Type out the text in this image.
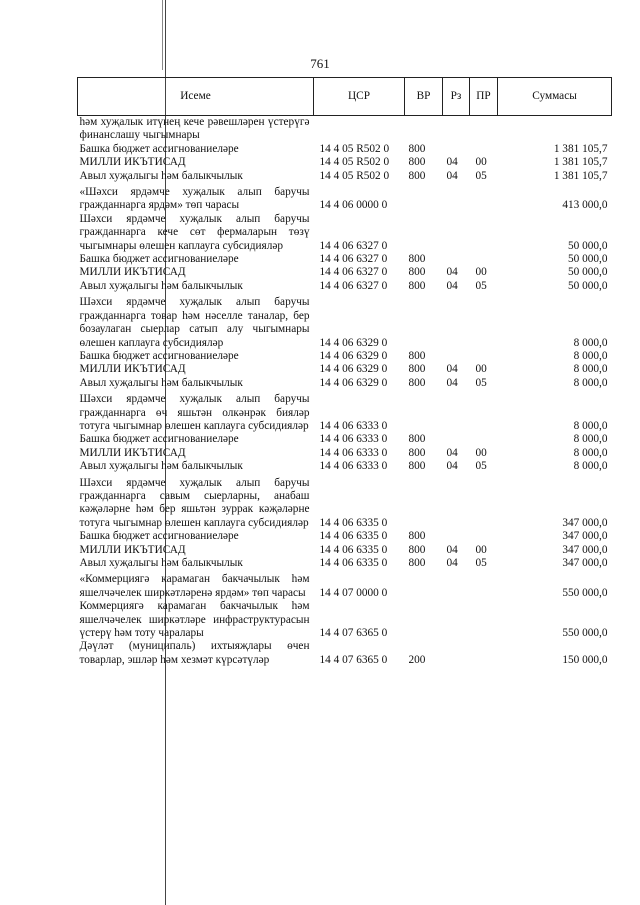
761
Исеме	ЦСР	ВР	Рз	ПР	Суммасы
һәм хуҗалык итүнең кече рәвешләрен үстерүгә финанслашу чыгымнары					
Башка бюджет ассигнованиеләре	14 4 05 R502 0	800			1 381 105,7
МИЛЛИ ИКЪТИСАД	14 4 05 R502 0	800	04	00	1 381 105,7
Авыл хуҗалыгы һәм балыкчылык	14 4 05 R502 0	800	04	05	1 381 105,7
«Шәхси ярдәмче хуҗалык алып баручы гражданнарга ярдәм» төп чарасы	14 4 06 0000 0				413 000,0
Шәхси ярдәмче хуҗалык алып баручы гражданнарга кече сөт фермаларын төзү чыгымнары өлешен каплауга субсидияләр	14 4 06 6327 0				50 000,0
Башка бюджет ассигнованиеләре	14 4 06 6327 0	800			50 000,0
МИЛЛИ ИКЪТИСАД	14 4 06 6327 0	800	04	00	50 000,0
Авыл хуҗалыгы һәм балыкчылык	14 4 06 6327 0	800	04	05	50 000,0
Шәхси ярдәмче хуҗалык алып баручы гражданнарга товар һәм нәселле таналар, бер бозаулаган сыерлар сатып алу чыгымнары өлешен каплауга субсидияләр	14 4 06 6329 0				8 000,0
Башка бюджет ассигнованиеләре	14 4 06 6329 0	800			8 000,0
МИЛЛИ ИКЪТИСАД	14 4 06 6329 0	800	04	00	8 000,0
Авыл хуҗалыгы һәм балыкчылык	14 4 06 6329 0	800	04	05	8 000,0
Шәхси ярдәмче хуҗалык алып баручы гражданнарга өч яшьтән олкәнрәк бияләр тотуга чыгымнар өлешен каплауга субсидияләр	14 4 06 6333 0				8 000,0
Башка бюджет ассигнованиеләре	14 4 06 6333 0	800			8 000,0
МИЛЛИ ИКЪТИСАД	14 4 06 6333 0	800	04	00	8 000,0
Авыл хуҗалыгы һәм балыкчылык	14 4 06 6333 0	800	04	05	8 000,0
Шәхси ярдәмче хуҗалык алып баручы гражданнарга савым сыерларны, анабаш кәҗәләрне һәм бер яшьтән зуррак кәҗәләрне тотуга чыгымнар өлешен каплауга субсидияләр	14 4 06 6335 0				347 000,0
Башка бюджет ассигнованиеләре	14 4 06 6335 0	800			347 000,0
МИЛЛИ ИКЪТИСАД	14 4 06 6335 0	800	04	00	347 000,0
Авыл хуҗалыгы һәм балыкчылык	14 4 06 6335 0	800	04	05	347 000,0
«Коммерциягә карамаган бакчачылык һәм яшелчәчелек ширкәтләренә ярдәм» төп чарасы	14 4 07 0000 0				550 000,0
Коммерциягә карамаган бакчачылык һәм яшелчәчелек ширкәтләре инфраструктурасын үстерү һәм тоту чаралары	14 4 07 6365 0				550 000,0
Дәүләт (муниципаль) ихтыяҗлары өчен товарлар, эшләр һәм хезмәт күрсәтүләр	14 4 07 6365 0	200			150 000,0
